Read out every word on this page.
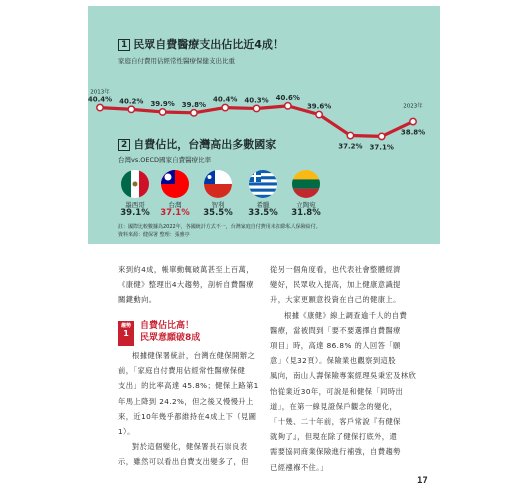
1 民眾自費醫療支出佔比近4成！
家庭自付費用佔經常性醫療保健支出比重
40.4% 40.2% 39.9% 39.8%
40.4% 40.3% 40.6%
39.6%
37.2% 37.1%
38.8%
2013年
2023年
2 自費佔比，台灣高出多數國家
台灣vs.OECD國家自費醫療比率
墨西哥	台灣	智利	希臘	立陶宛
39.1%	37.1%	35.5%	33.5%	31.8%
註：國際比較數據為2022年，各國統計方式不一，台灣家庭自付費用未扣除私人保險給付。
資料來源：健保署 整理：張雅亭

來到約4成，帳單動輒破萬甚至上百萬，

《康健》整理出4大趨勢，剖析自費醫療

關鍵動向。

趨勢
1
自費佔比高！
民眾意願破8成

根據健保署統計，台灣在健保開辦之

前，「家庭自付費用佔經常性醫療保健

支出」的比率高達 45.8%；健保上路第1

年馬上降到 24.2%，但之後又慢慢升上

來，近10年幾乎都維持在4成上下（見圖

1）。

對於這個變化，健保署長石崇良表

示，雖然可以看出自費支出變多了，但

從另一個角度看，也代表社會整體經濟

變好，民眾收入提高，加上健康意識提

升，大家更願意投資在自己的健康上。

根據《康健》線上調查逾千人的自費

醫療，當被問到「要不要選擇自費醫療

項目」時，高達 86.8% 的人回答「願

意」（見32頁）。保險業也觀察到這股

風向，南山人壽保險專案經理吳秉宏及林欣

怡從業近30年，可說是和健保「同時出

道」，在第一線見證保戶觀念的變化，

「十幾、二十年前，客戶常說『有健保

就夠了』，但現在除了健保打底外，還

需要協同商業保險進行補強，自費趨勢

已經襁褓不住。」

17
